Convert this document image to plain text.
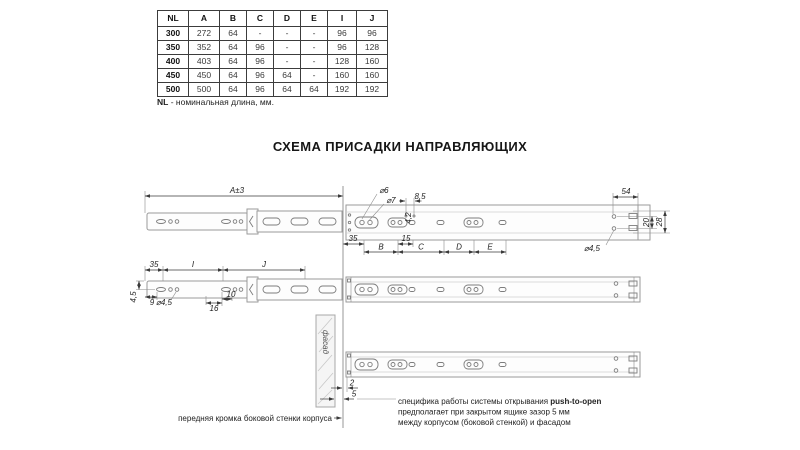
NL	A	B	C	D	E	I	J
300	272	64	-	-	-	96	96
350	352	64	96	-	-	96	128
400	403	64	96	-	-	128	160
450	450	64	96	64	-	160	160
500	500	64	96	64	64	192	192
NL - номинальная длина, мм.
СХЕМА ПРИСАДКИ НАПРАВЛЯЮЩИХ
A±3	⌀6
⌀7 8,5
4,2
35	15
B	C	D	E
54
20 28
⌀4,5
35	I	J
4,5 9 ⌀4,5
16
10
фасад
2
5
передняя кромка боковой стенки корпуса
специфика работы системы открывания push-to-open
предполагает при закрытом ящике зазор 5 мм
между корпусом (боковой стенкой) и фасадом
